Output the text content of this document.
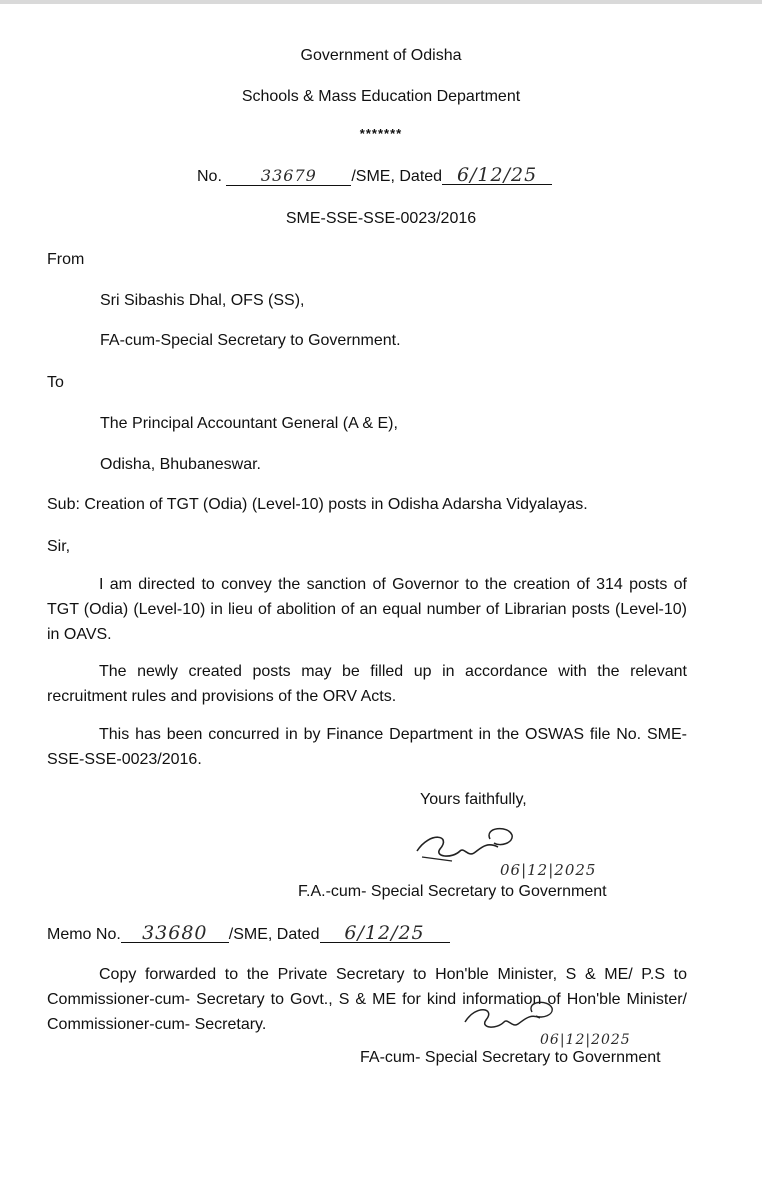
Government of Odisha
Schools & Mass Education Department
*******
No. 33679 /SME, Dated 6/12/25
SME-SSE-SSE-0023/2016
From
Sri Sibashis Dhal, OFS (SS),
FA-cum-Special Secretary to Government.
To
The Principal Accountant General (A & E),
Odisha, Bhubaneswar.
Sub: Creation of TGT (Odia) (Level-10) posts in Odisha Adarsha Vidyalayas.
Sir,

I am directed to convey the sanction of Governor to the creation of 314 posts of TGT (Odia) (Level-10) in lieu of abolition of an equal number of Librarian posts (Level-10) in OAVS.

The newly created posts may be filled up in accordance with the relevant recruitment rules and provisions of the ORV Acts.

This has been concurred in by Finance Department in the OSWAS file No. SME-SSE-SSE-0023/2016.

Yours faithfully,
06|12|2025
F.A.-cum- Special Secretary to Government
Memo No. 33680 /SME, Dated 6/12/25

Copy forwarded to the Private Secretary to Hon'ble Minister, S & ME/ P.S to Commissioner-cum- Secretary to Govt., S & ME for kind information of Hon'ble Minister/ Commissioner-cum- Secretary.

06|12|2025
FA-cum- Special Secretary to Government
